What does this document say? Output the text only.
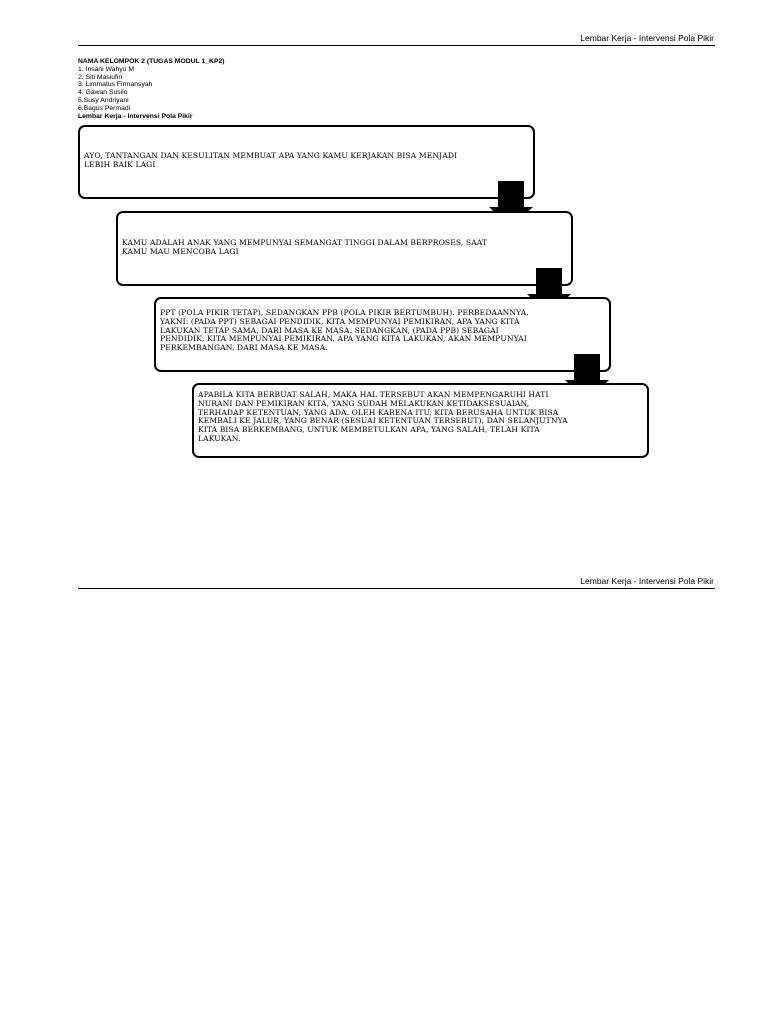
Lembar Kerja - Intervensi Pola Pikir
NAMA KELOMPOK 2 (TUGAS MODUL 1_KP2)
1. Insani Wahyu M
2. Siti Masiufin
3. Limmatus Firmansyah
4. Gawan Susilo
5.Susy Andriyani
6.Bagus Permadi
Lembar Kerja - Intervensi Pola Pikir
AYO, TANTANGAN DAN KESULITAN MEMBUAT APA YANG KAMU KERJAKAN BISA MENJADI LEBIH BAIK LAGI
KAMU ADALAH ANAK YANG MEMPUNYAI SEMANGAT TINGGI DALAM BERPROSES, SAAT KAMU MAU MENCOBA LAGI
PPT (POLA PIKIR TETAP), SEDANGKAN PPB (POLA PIKIR BERTUMBUH). PERBEDAANNYA, YAKNI: (PADA PPT) SEBAGAI PENDIDIK, KITA MEMPUNYAI PEMIKIRAN, APA YANG KITA LAKUKAN TETAP SAMA, DARI MASA KE MASA. SEDANGKAN, (PADA PPB) SEBAGAI PENDIDIK, KITA MEMPUNYAI PEMIKIRAN, APA YANG KITA LAKUKAN, AKAN MEMPUNYAI PERKEMBANGAN, DARI MASA KE MASA.
APABILA KITA BERBUAT SALAH, MAKA HAL TERSEBUT AKAN MEMPENGARUHI HATI NURANI DAN PEMIKIRAN KITA, YANG SUDAH MELAKUKAN KETIDAKSESUAIAN, TERHADAP KETENTUAN, YANG ADA. OLEH KARENA ITU, KITA BERUSAHA UNTUK BISA KEMBALI KE JALUR, YANG BENAR (SESUAI KETENTUAN TERSEBUT), DAN SELANJUTNYA KITA BISA BERKEMBANG, UNTUK MEMBETULKAN APA, YANG SALAH, TELAH KITA LAKUKAN.
Lembar Kerja - Intervensi Pola Pikir
